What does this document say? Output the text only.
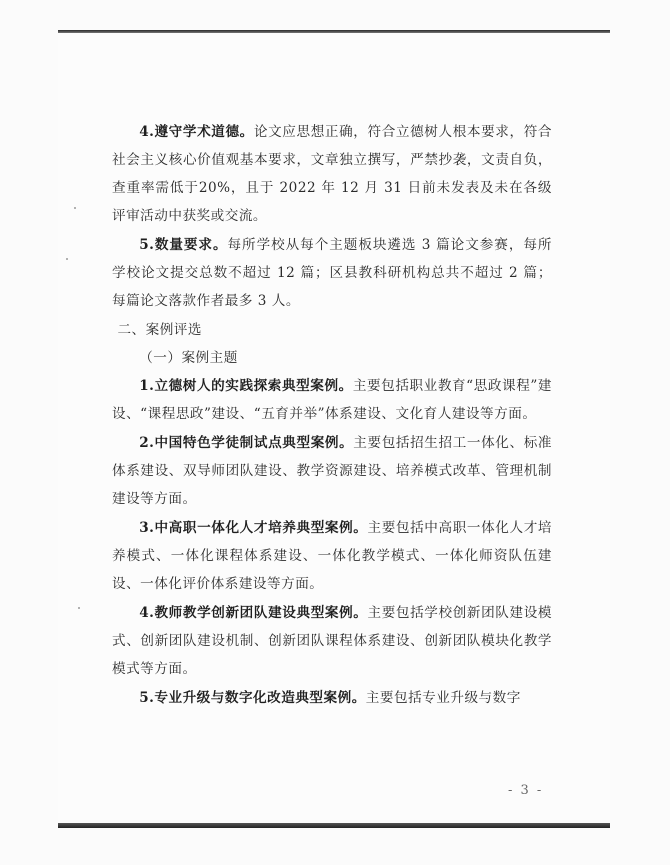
4.遵守学术道德。论文应思想正确，符合立德树人根本要求，符合社会主义核心价值观基本要求，文章独立撰写，严禁抄袭，文责自负，查重率需低于20%，且于 2022 年 12 月 31 日前未发表及未在各级评审活动中获奖或交流。

5.数量要求。每所学校从每个主题板块遴选 3 篇论文参赛，每所学校论文提交总数不超过 12 篇；区县教科研机构总共不超过 2 篇；每篇论文落款作者最多 3 人。

二、案例评选

（一）案例主题

1.立德树人的实践探索典型案例。主要包括职业教育“思政课程”建设、“课程思政”建设、“五育并举”体系建设、文化育人建设等方面。

2.中国特色学徒制试点典型案例。主要包括招生招工一体化、标准体系建设、双导师团队建设、教学资源建设、培养模式改革、管理机制建设等方面。

3.中高职一体化人才培养典型案例。主要包括中高职一体化人才培养模式、一体化课程体系建设、一体化教学模式、一体化师资队伍建设、一体化评价体系建设等方面。

4.教师教学创新团队建设典型案例。主要包括学校创新团队建设模式、创新团队建设机制、创新团队课程体系建设、创新团队模块化教学模式等方面。

5.专业升级与数字化改造典型案例。主要包括专业升级与数字

- 3 -
